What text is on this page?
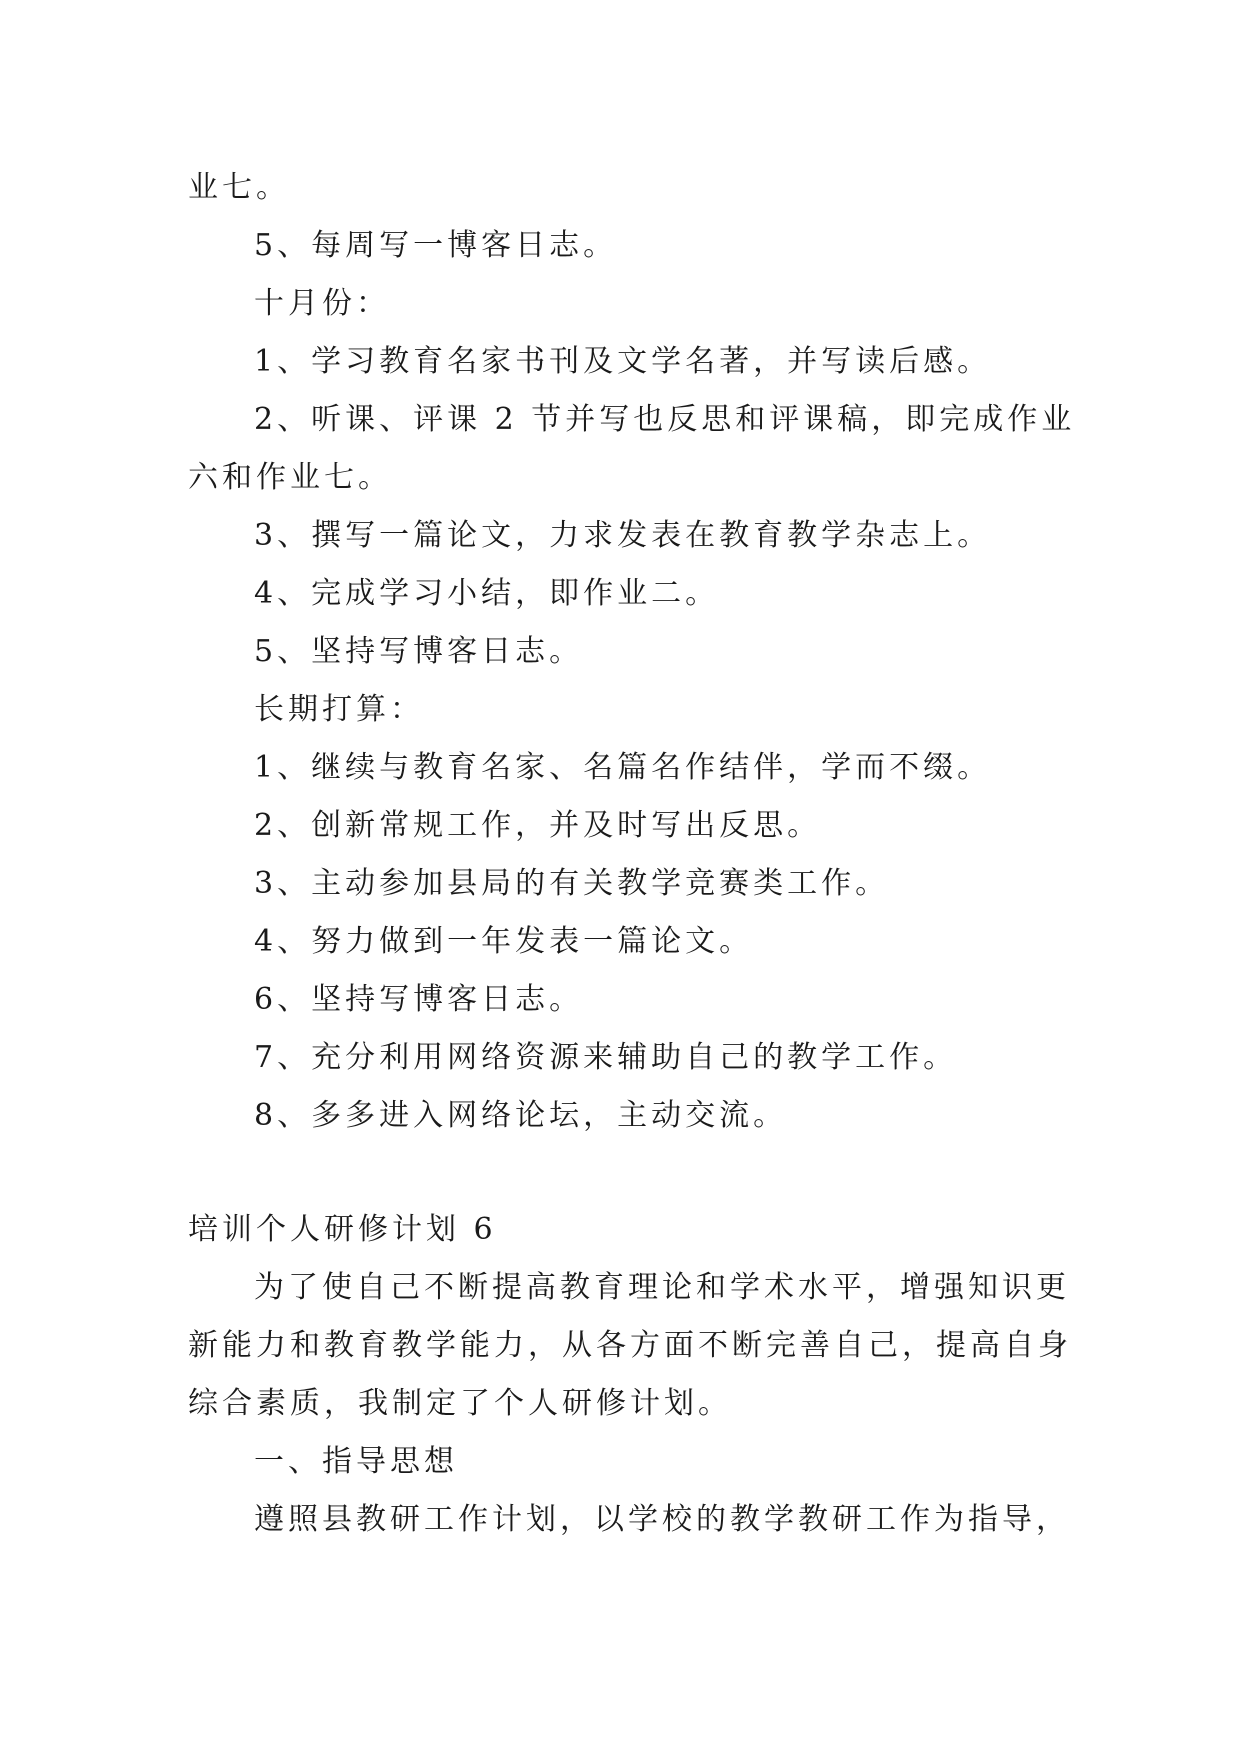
业七。
5、每周写一博客日志。
十月份：
1、学习教育名家书刊及文学名著，并写读后感。
2、听课、评课 2 节并写也反思和评课稿，即完成作业
六和作业七。
3、撰写一篇论文，力求发表在教育教学杂志上。
4、完成学习小结，即作业二。
5、坚持写博客日志。
长期打算：
1、继续与教育名家、名篇名作结伴，学而不缀。
2、创新常规工作，并及时写出反思。
3、主动参加县局的有关教学竞赛类工作。
4、努力做到一年发表一篇论文。
6、坚持写博客日志。
7、充分利用网络资源来辅助自己的教学工作。
8、多多进入网络论坛，主动交流。
培训个人研修计划 6
为了使自己不断提高教育理论和学术水平，增强知识更
新能力和教育教学能力，从各方面不断完善自己，提高自身
综合素质，我制定了个人研修计划。
一、指导思想
遵照县教研工作计划，以学校的教学教研工作为指导，
